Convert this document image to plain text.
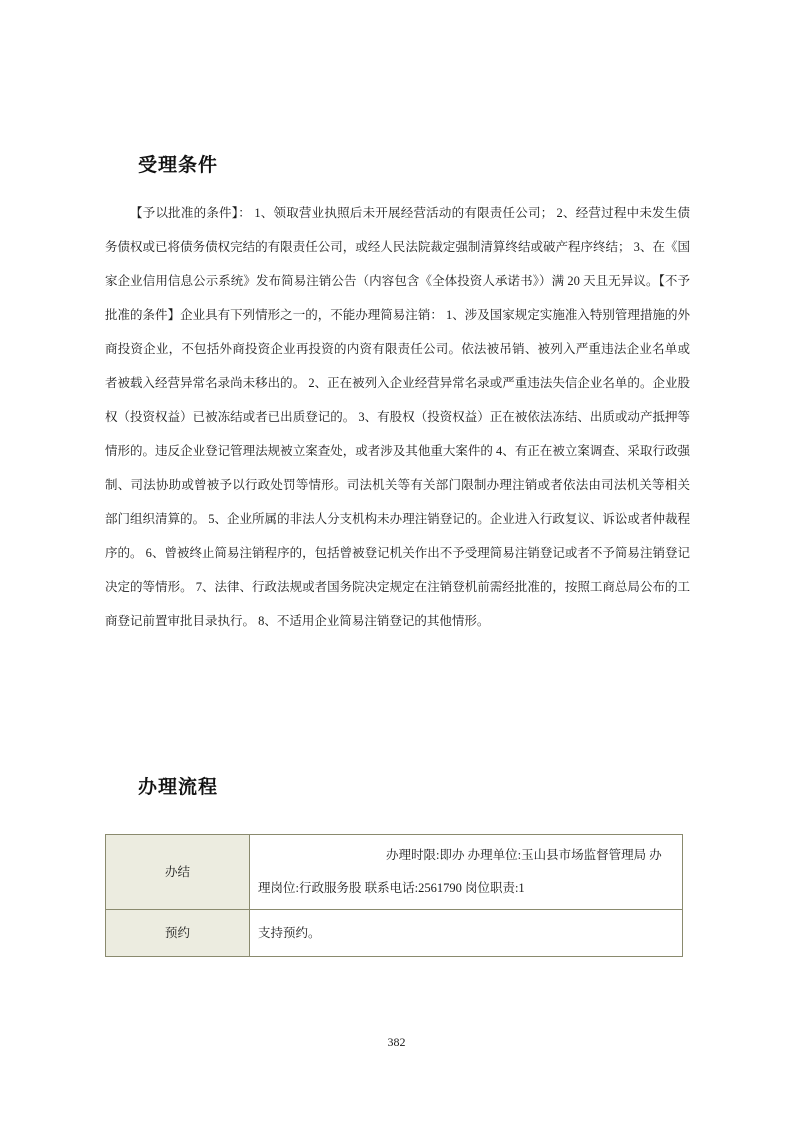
受理条件
【予以批准的条件】： 1、领取营业执照后未开展经营活动的有限责任公司； 2、经营过程中未发生债务债权或已将债务债权完结的有限责任公司，或经人民法院裁定强制清算终结或破产程序终结； 3、在《国家企业信用信息公示系统》发布简易注销公告（内容包含《全体投资人承诺书》）满 20 天且无异议。【不予批准的条件】企业具有下列情形之一的，不能办理简易注销： 1、涉及国家规定实施准入特别管理措施的外商投资企业，不包括外商投资企业再投资的内资有限责任公司。依法被吊销、被列入严重违法企业名单或者被载入经营异常名录尚未移出的。 2、正在被列入企业经营异常名录或严重违法失信企业名单的。企业股权（投资权益）已被冻结或者已出质登记的。 3、有股权（投资权益）正在被依法冻结、出质或动产抵押等情形的。违反企业登记管理法规被立案查处，或者涉及其他重大案件的 4、有正在被立案调查、采取行政强制、司法协助或曾被予以行政处罚等情形。司法机关等有关部门限制办理注销或者依法由司法机关等相关部门组织清算的。 5、企业所属的非法人分支机构未办理注销登记的。企业进入行政复议、诉讼或者仲裁程序的。 6、曾被终止简易注销程序的，包括曾被登记机关作出不予受理简易注销登记或者不予简易注销登记决定的等情形。 7、法律、行政法规或者国务院决定规定在注销登机前需经批准的，按照工商总局公布的工商登记前置审批目录执行。 8、不适用企业简易注销登记的其他情形。
办理流程
办结	办理时限:即办 办理单位:玉山县市场监督管理局 办理岗位:行政服务股 联系电话:2561790 岗位职责:1
预约	支持预约。
382
